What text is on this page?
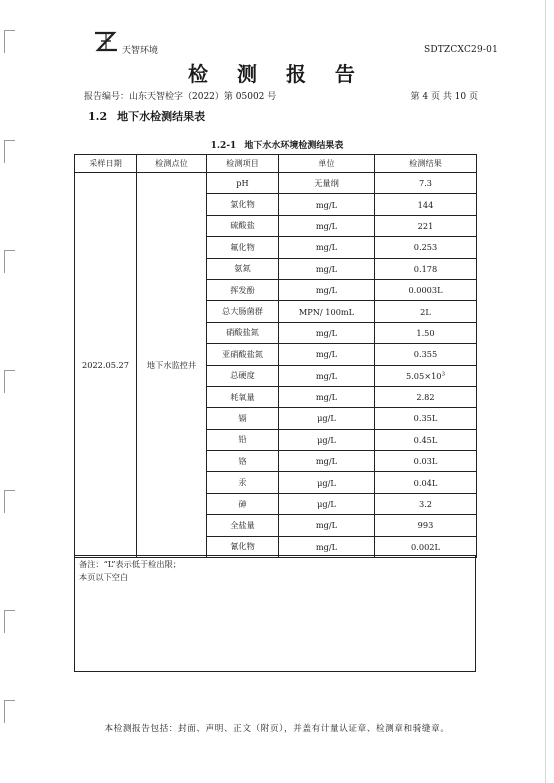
天智环境	SDTZCXC29-01
检 测 报 告
报告编号：山东天智检字（2022）第 05002 号	第 4 页 共 10 页
1.2 地下水检测结果表
1.2-1 地下水水环境检测结果表
采样日期	检测点位	检测项目	单位	检测结果
2022.05.27	地下水监控井	pH	无量纲	7.3
		氯化物	mg/L	144
		硫酸盐	mg/L	221
		氟化物	mg/L	0.253
		氨氮	mg/L	0.178
		挥发酚	mg/L	0.0003L
		总大肠菌群	MPN/ 100mL	2L
		硝酸盐氮	mg/L	1.50
		亚硝酸盐氮	mg/L	0.355
		总硬度	mg/L	$5.05\times 10^3$
		耗氧量	mg/L	2.82
		镉	μg/L	0.35L
		铅	μg/L	0.45L
		铬	mg/L	0.03L
		汞	μg/L	0.04L
		砷	μg/L	3.2
		全盐量	mg/L	993
		氰化物	mg/L	0.002L
备注：“L”表示低于检出限；
本页以下空白
本检测报告包括：封面、声明、正文（附页），并盖有计量认证章、检测章和骑缝章。
